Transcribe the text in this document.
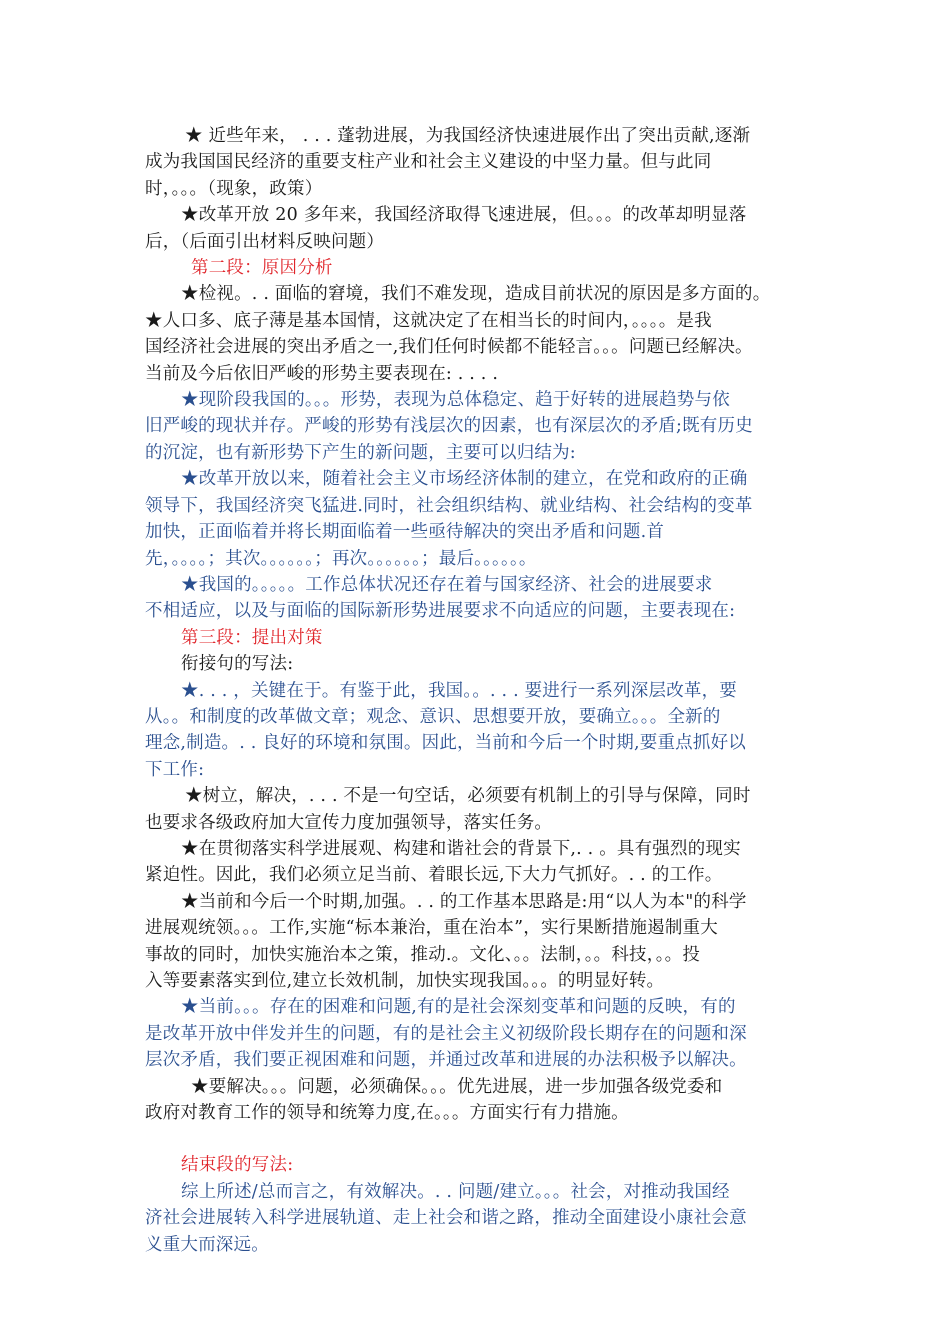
★ 近些年来， . . . 蓬勃进展，为我国经济快速进展作出了突出贡献,逐渐
成为我国国民经济的重要支柱产业和社会主义建设的中坚力量。但与此同
时，。。。（现象，政策）
★改革开放 20 多年来，我国经济取得飞速进展，但。。。的改革却明显落
后，（后面引出材料反映问题）
第二段：原因分析
★检视。. . 面临的窘境，我们不难发现，造成目前状况的原因是多方面的。
★人口多、底子薄是基本国情，这就决定了在相当长的时间内，。。。。是我
国经济社会进展的突出矛盾之一,我们任何时候都不能轻言。。。问题已经解决。
当前及今后依旧严峻的形势主要表现在: . . . .
★现阶段我国的。。。形势，表现为总体稳定、趋于好转的进展趋势与依
旧严峻的现状并存。严峻的形势有浅层次的因素，也有深层次的矛盾;既有历史
的沉淀，也有新形势下产生的新问题，主要可以归结为:
★改革开放以来，随着社会主义市场经济体制的建立，在党和政府的正确
领导下，我国经济突飞猛进.同时，社会组织结构、就业结构、社会结构的变革
加快，正面临着并将长期面临着一些亟待解决的突出矛盾和问题.首
先，。。。。；其次。。。。。。；再次。。。。。。；最后。。。。。。
★我国的。。。。。工作总体状况还存在着与国家经济、社会的进展要求
不相适应，以及与面临的国际新形势进展要求不向适应的问题，主要表现在:
第三段：提出对策
衔接句的写法:
★. . . ，关键在于。有鉴于此，我国。。. . . 要进行一系列深层改革，要
从。。和制度的改革做文章；观念、意识、思想要开放，要确立。。。全新的
理念,制造。. . 良好的环境和氛围。因此，当前和今后一个时期,要重点抓好以
下工作:
★树立，解决，. . . 不是一句空话，必须要有机制上的引导与保障，同时
也要求各级政府加大宣传力度加强领导，落实任务。
★在贯彻落实科学进展观、构建和谐社会的背景下,. . 。具有强烈的现实
紧迫性。因此，我们必须立足当前、着眼长远,下大力气抓好。. . 的工作。
★当前和今后一个时期,加强。. . 的工作基本思路是:用“以人为本"的科学
进展观统领。。。工作,实施“标本兼治，重在治本”，实行果断措施遏制重大
事故的同时，加快实施治本之策，推动.。文化、。。法制，。。科技，。。投
入等要素落实到位,建立长效机制，加快实现我国。。。的明显好转。
★当前。。。存在的困难和问题,有的是社会深刻变革和问题的反映，有的
是改革开放中伴发并生的问题，有的是社会主义初级阶段长期存在的问题和深
层次矛盾，我们要正视困难和问题，并通过改革和进展的办法积极予以解决。
★要解决。。。问题，必须确保。。。优先进展，进一步加强各级党委和
政府对教育工作的领导和统筹力度,在。。。方面实行有力措施。
结束段的写法:
综上所述/总而言之，有效解决。. . 问题/建立。。。社会，对推动我国经
济社会进展转入科学进展轨道、走上社会和谐之路，推动全面建设小康社会意
义重大而深远。
